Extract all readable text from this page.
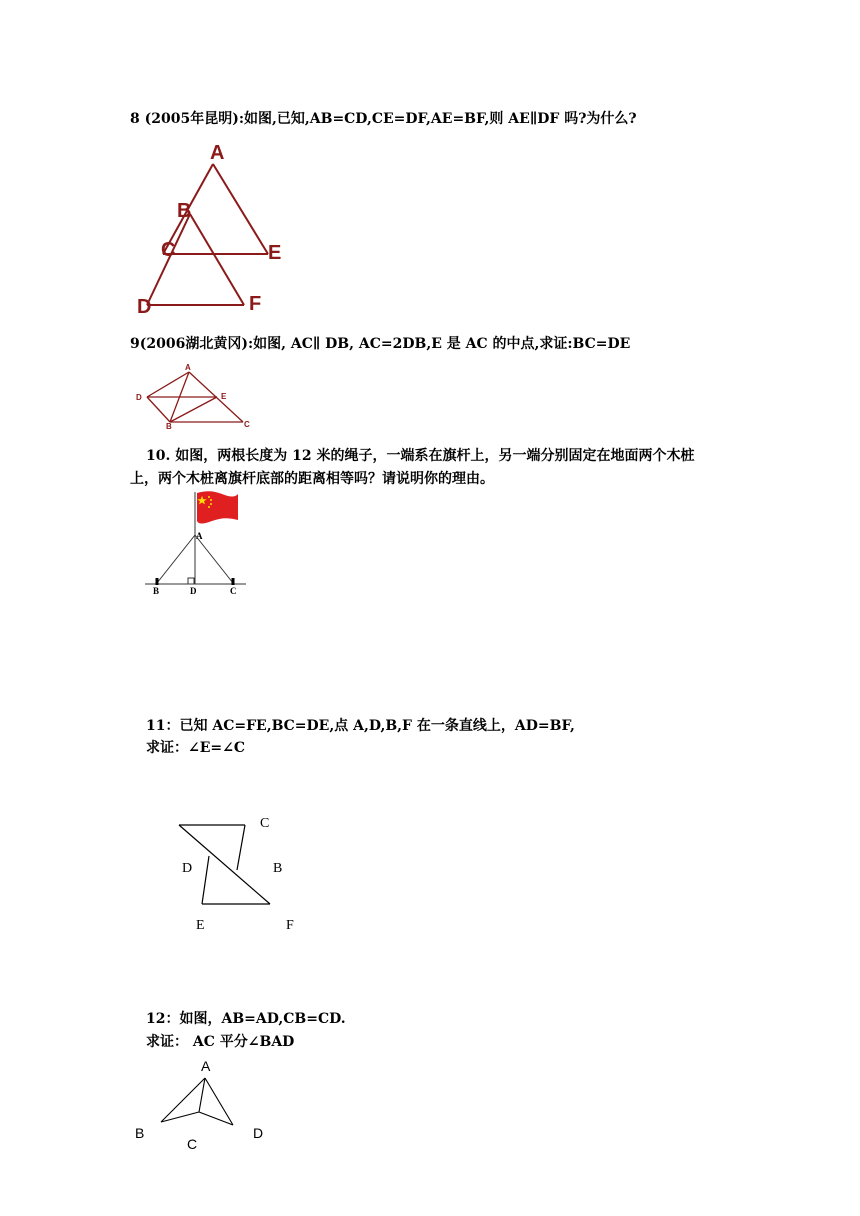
8 (2005年昆明):如图,已知,AB=CD,CE=DF,AE=BF,则 AE∥DF 吗?为什么?
A
B
C	E
D	F
9(2006湖北黄冈):如图, AC∥ DB, AC=2DB,E 是 AC 的中点,求证:BC=DE
A
D	E
B	C
10. 如图，两根长度为 12 米的绳子，一端系在旗杆上，另一端分别固定在地面两个木桩
上，两个木桩离旗杆底部的距离相等吗？请说明你的理由。
A
B	D	C
11：已知 AC=FE,BC=DE,点 A,D,B,F 在一条直线上，AD=BF,
求证：∠E=∠C
C
D	B
E	F
12：如图，AB=AD,CB=CD.
求证： AC 平分∠BAD
A
B
C
D
